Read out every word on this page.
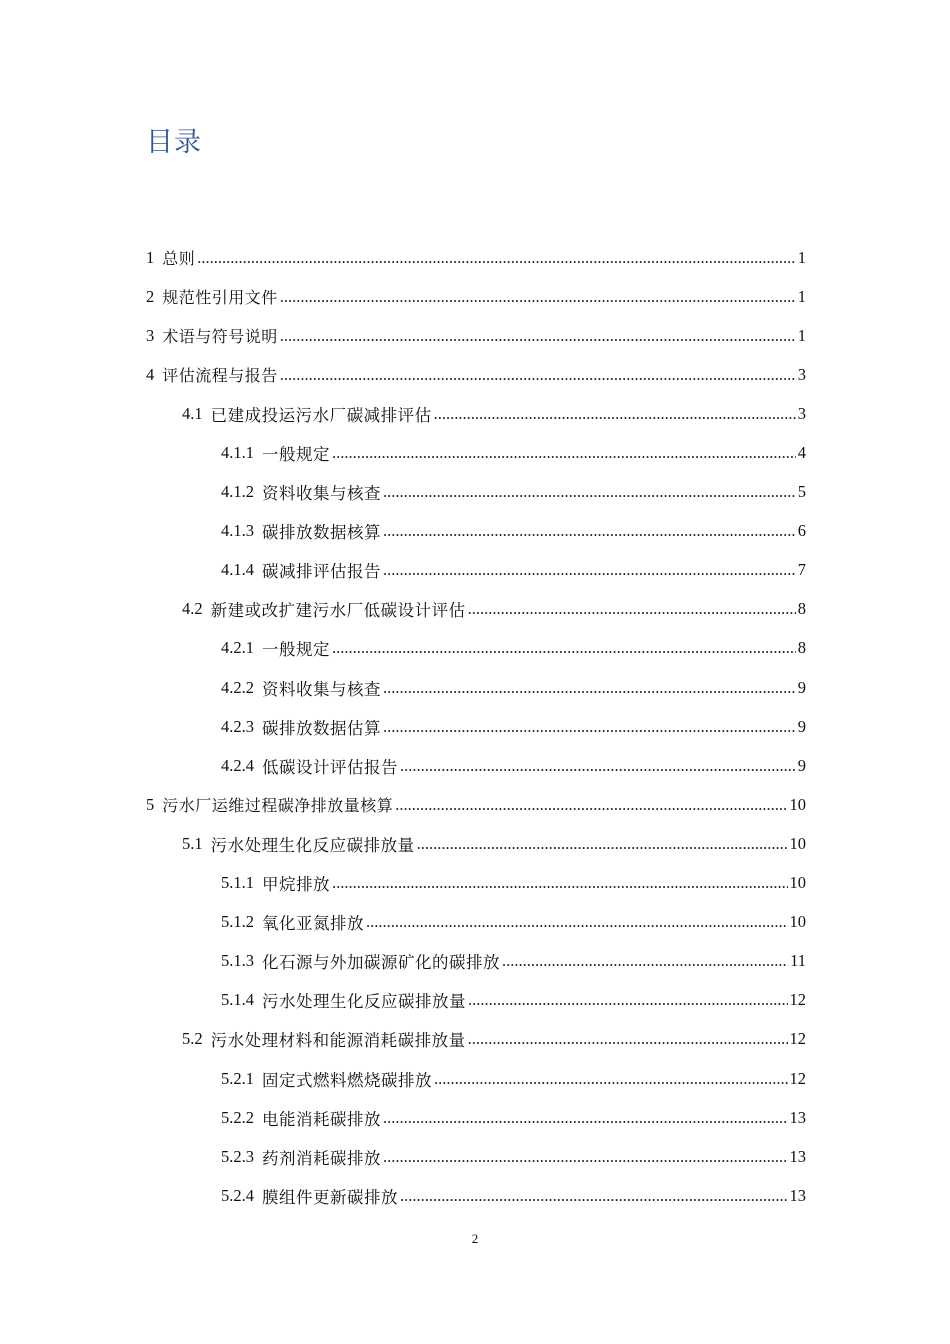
目录
1 总则 .....	1
2 规范性引用文件 .....	1
3 术语与符号说明 .....	1
4 评估流程与报告 .....	3
4.1 已建成投运污水厂碳减排评估 .....	3
4.1.1 一般规定 .....	4
4.1.2 资料收集与核查 .....	5
4.1.3 碳排放数据核算 .....	6
4.1.4 碳减排评估报告 .....	7
4.2 新建或改扩建污水厂低碳设计评估 .....	8
4.2.1 一般规定 .....	8
4.2.2 资料收集与核查 .....	9
4.2.3 碳排放数据估算 .....	9
4.2.4 低碳设计评估报告 .....	9
5 污水厂运维过程碳净排放量核算 .....	10
5.1 污水处理生化反应碳排放量 .....	10
5.1.1 甲烷排放 .....	10
5.1.2 氧化亚氮排放 .....	10
5.1.3 化石源与外加碳源矿化的碳排放 .....	11
5.1.4 污水处理生化反应碳排放量 .....	12
5.2 污水处理材料和能源消耗碳排放量 .....	12
5.2.1 固定式燃料燃烧碳排放 .....	12
5.2.2 电能消耗碳排放 .....	13
5.2.3 药剂消耗碳排放 .....	13
5.2.4 膜组件更新碳排放 .....	13
2
